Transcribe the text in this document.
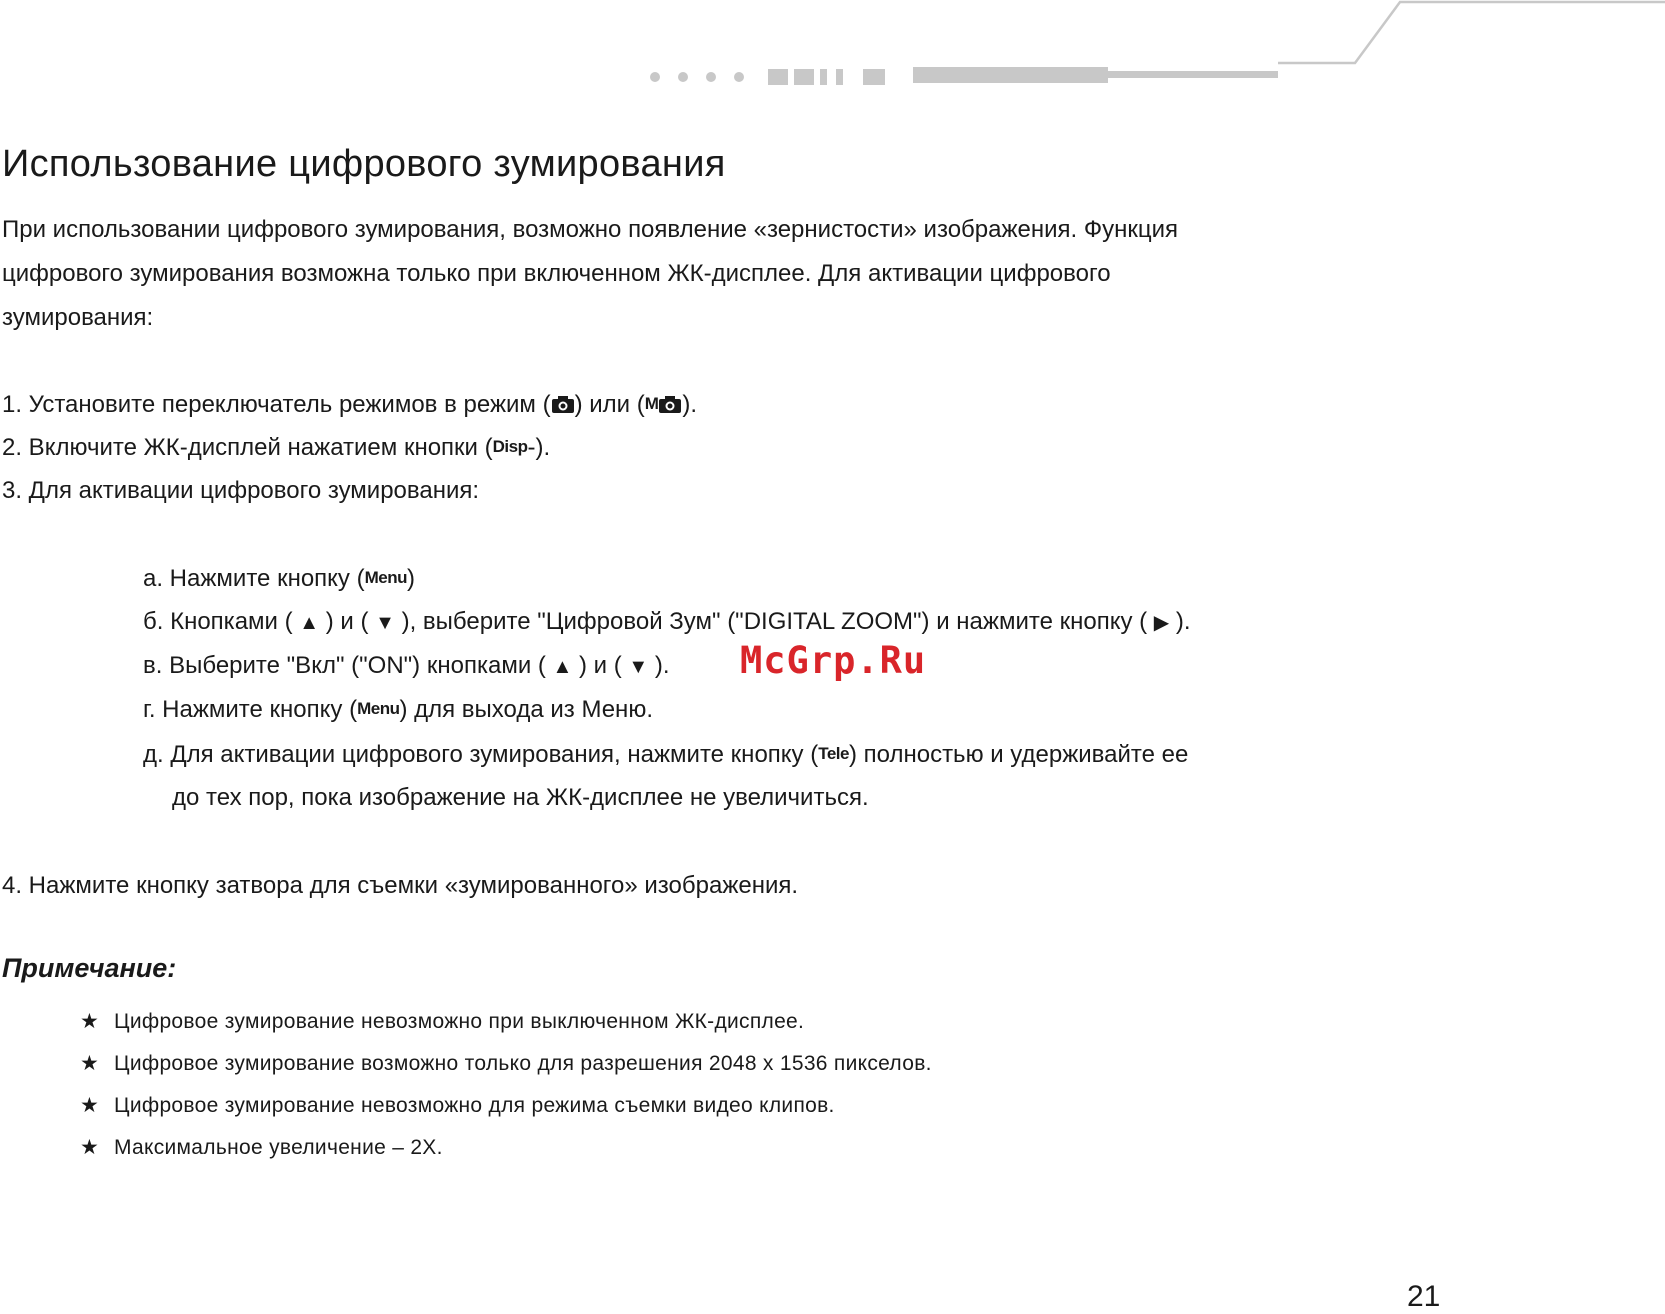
Использование цифрового зумирования
При использовании цифрового зумирования, возможно появление «зернистости» изображения. Функция
цифрового зумирования возможна только при включенном ЖК-дисплее. Для активации цифрового
зумирования:
1. Установите переключатель режимов в режим ( ) или (M ).
2. Включите ЖК-дисплей нажатием кнопки (Disp-).
3. Для активации цифрового зумирования:
4. Нажмите кнопку затвора для съемки «зумированного» изображения.
а. Нажмите кнопку (Menu)
б. Кнопками ( ▲ ) и ( ▼ ), выберите "Цифровой Зум" ("DIGITAL ZOOM") и нажмите кнопку ( ▶ ).
в. Выберите "Вкл" ("ON") кнопками ( ▲ ) и ( ▼ ).
г. Нажмите кнопку (Menu) для выхода из Меню.
д. Для активации цифрового зумирования, нажмите кнопку (Tele) полностью и удерживайте ее
до тех пор, пока изображение на ЖК-дисплее не увеличиться.
McGrp.Ru
Примечание:
★ Цифровое зумирование невозможно при выключенном ЖК-дисплее.
★ Цифровое зумирование возможно только для разрешения 2048 x 1536 пикселов.
★ Цифровое зумирование невозможно для режима съемки видео клипов.
★ Максимальное увеличение – 2X.
21
